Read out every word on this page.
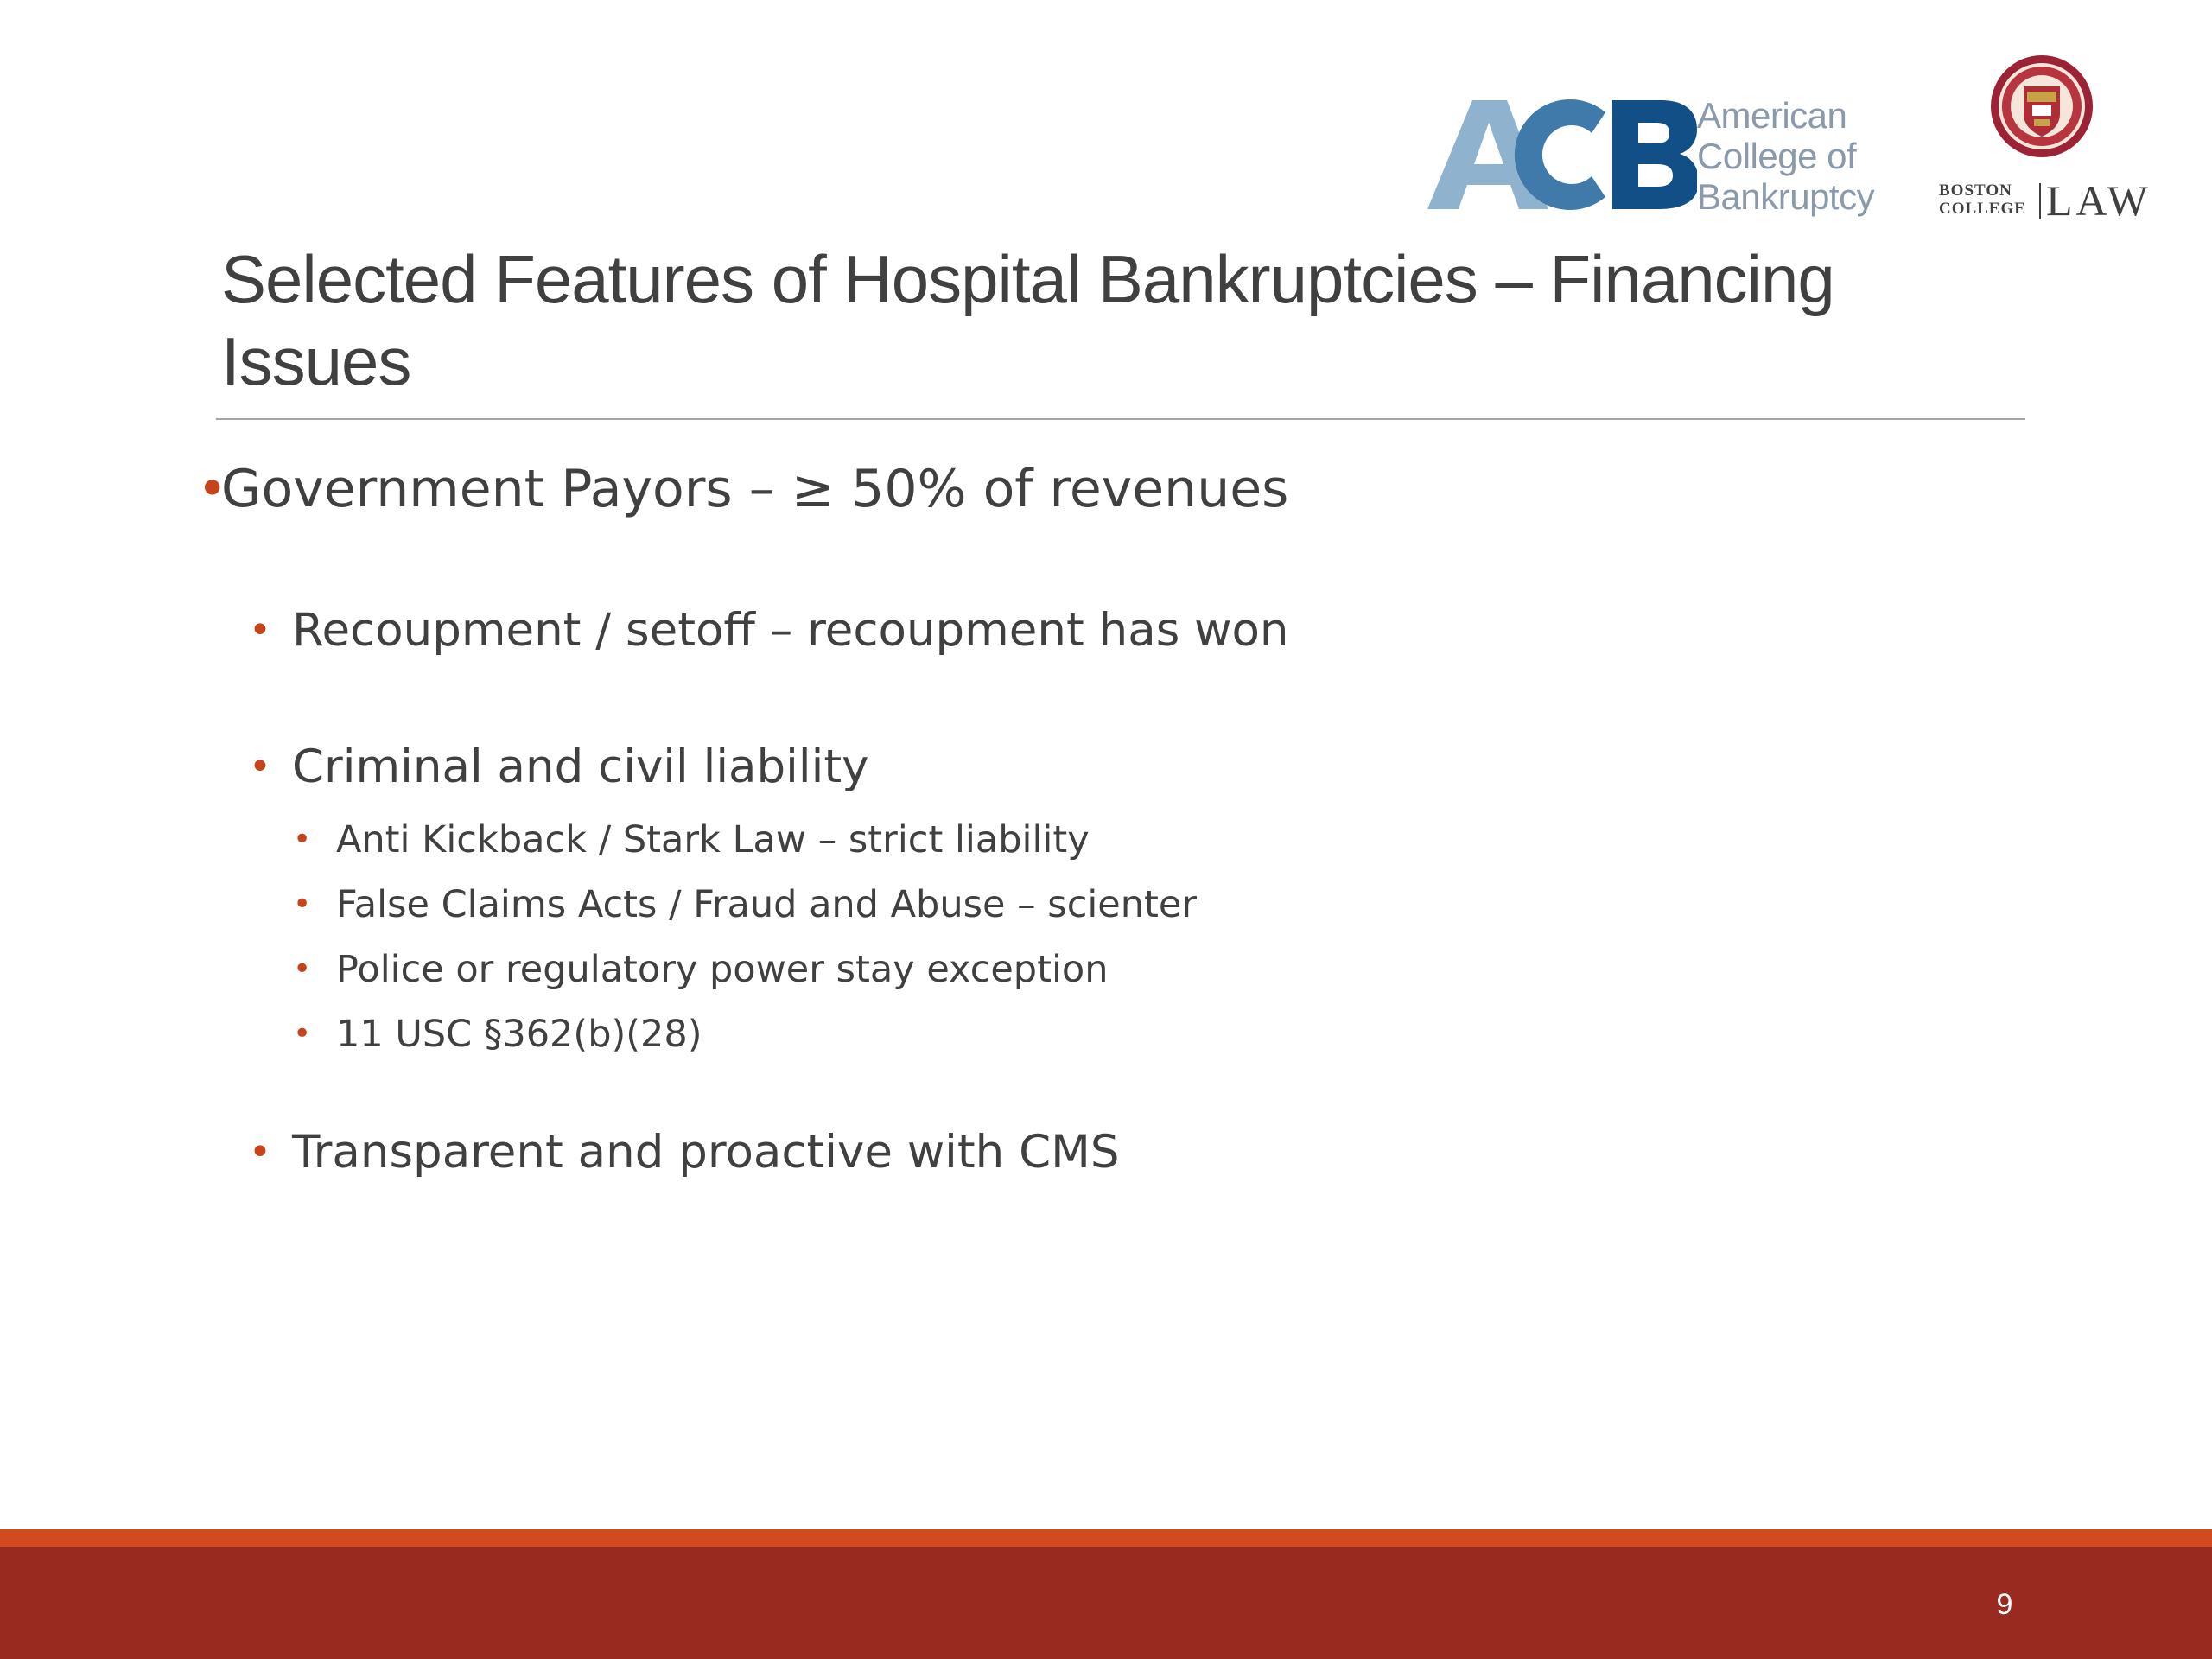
American
College of
Bankruptcy	BOSTON
COLLEGE LAW
Selected Features of Hospital Bankruptcies – Financing Issues
•
Government Payors – ≥ 50% of revenues
• Recoupment / setoff – recoupment has won
• Criminal and civil liability
• Anti Kickback / Stark Law – strict liability
• False Claims Acts / Fraud and Abuse – scienter
• Police or regulatory power stay exception
• 11 USC §362(b)(28)
• Transparent and proactive with CMS
9
